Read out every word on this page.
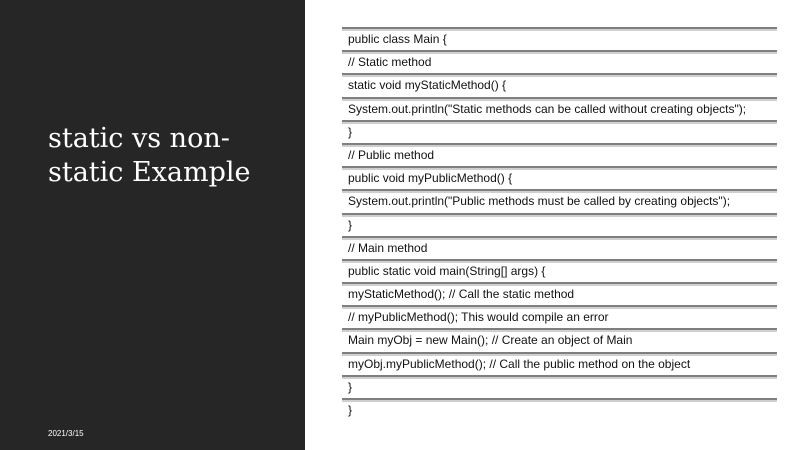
static vs non-
static Example
2021/3/15
public class Main {
// Static method
static void myStaticMethod() {
System.out.println("Static methods can be called without creating objects");
}
// Public method
public void myPublicMethod() {
System.out.println("Public methods must be called by creating objects");
}
// Main method
public static void main(String[] args) {
myStaticMethod(); // Call the static method
// myPublicMethod(); This would compile an error
Main myObj = new Main(); // Create an object of Main
myObj.myPublicMethod(); // Call the public method on the object
}
}
